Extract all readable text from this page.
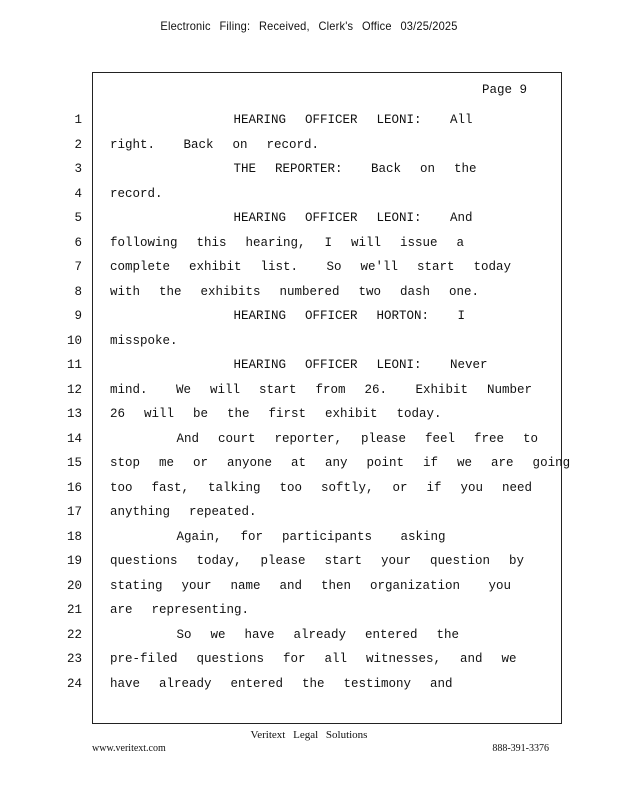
Electronic Filing: Received, Clerk's Office 03/25/2025
Page 9
1
2
3
4
5
6
7
8
9
10
11
12
13
14
15
16
17
18
19
20
21
22
23
24
HEARING  OFFICER  LEONI:   All
right.   Back  on  record.
THE  REPORTER:   Back  on  the
record.
HEARING  OFFICER  LEONI:   And
following  this  hearing,  I  will  issue  a
complete  exhibit  list.   So  we'll  start  today
with  the  exhibits  numbered  two  dash  one.
HEARING  OFFICER  HORTON:   I
misspoke.
HEARING  OFFICER  LEONI:   Never
mind.   We  will  start  from  26.   Exhibit  Number
26  will  be  the  first  exhibit  today.
And  court  reporter,  please  feel  free  to
stop  me  or  anyone  at  any  point  if  we  are  going
too  fast,  talking  too  softly,  or  if  you  need
anything  repeated.
Again,  for  participants   asking
questions  today,  please  start  your  question  by
stating  your  name  and  then  organization   you
are  representing.
So  we  have  already  entered  the
pre-filed  questions  for  all  witnesses,  and  we
have  already  entered  the  testimony  and
Veritext Legal Solutions
www.veritext.com	888-391-3376
